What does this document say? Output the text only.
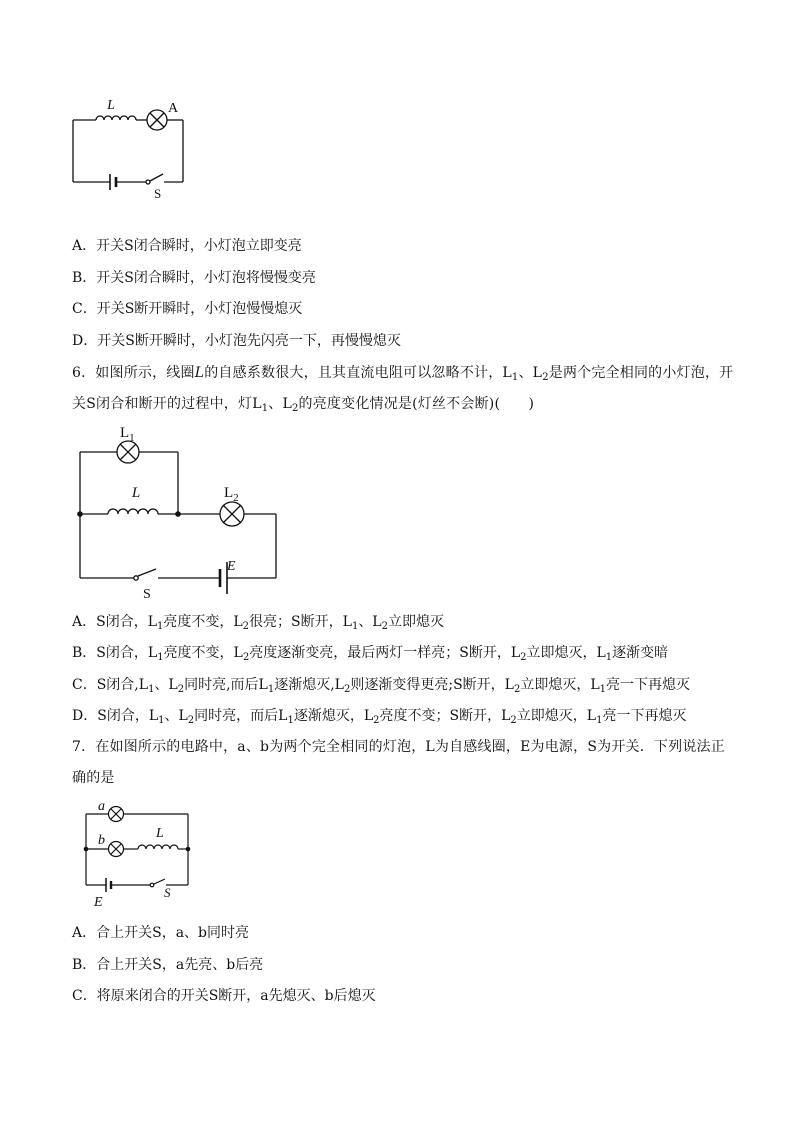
L	A
S
A．开关S闭合瞬时，小灯泡立即变亮
B．开关S闭合瞬时，小灯泡将慢慢变亮
C．开关S断开瞬时，小灯泡慢慢熄灭
D．开关S断开瞬时，小灯泡先闪亮一下，再慢慢熄灭
6．如图所示，线圈L的自感系数很大，且其直流电阻可以忽略不计，$L_1$、$L_2$是两个完全相同的小灯泡，开
关S闭合和断开的过程中，灯$L_1$、$L_2$的亮度变化情况是(灯丝不会断)(　　)
$L_1$
L	$L_2$
E
S
A．S闭合，$L_1$亮度不变，$L_2$很亮；S断开，$L_1$、$L_2$立即熄灭
B．S闭合，$L_1$亮度不变，$L_2$亮度逐渐变亮，最后两灯一样亮；S断开，$L_2$立即熄灭，$L_1$逐渐变暗
C．S闭合$,L_1$、$L_2$同时亮,而后$L_1$逐渐熄灭$,L_2$则逐渐变得更亮;S断开，$L_2$立即熄灭，$L_1$亮一下再熄灭
D．S闭合，$L_1$、$L_2$同时亮，而后$L_1$逐渐熄灭，$L_2$亮度不变；S断开，$L_2$立即熄灭，$L_1$亮一下再熄灭
7．在如图所示的电路中，a、b为两个完全相同的灯泡，L为自感线圈，E为电源，S为开关．下列说法正
确的是
a
b	L
E
S
A．合上开关S，a、b同时亮
B．合上开关S，a先亮、b后亮
C．将原来闭合的开关S断开，a先熄灭、b后熄灭
